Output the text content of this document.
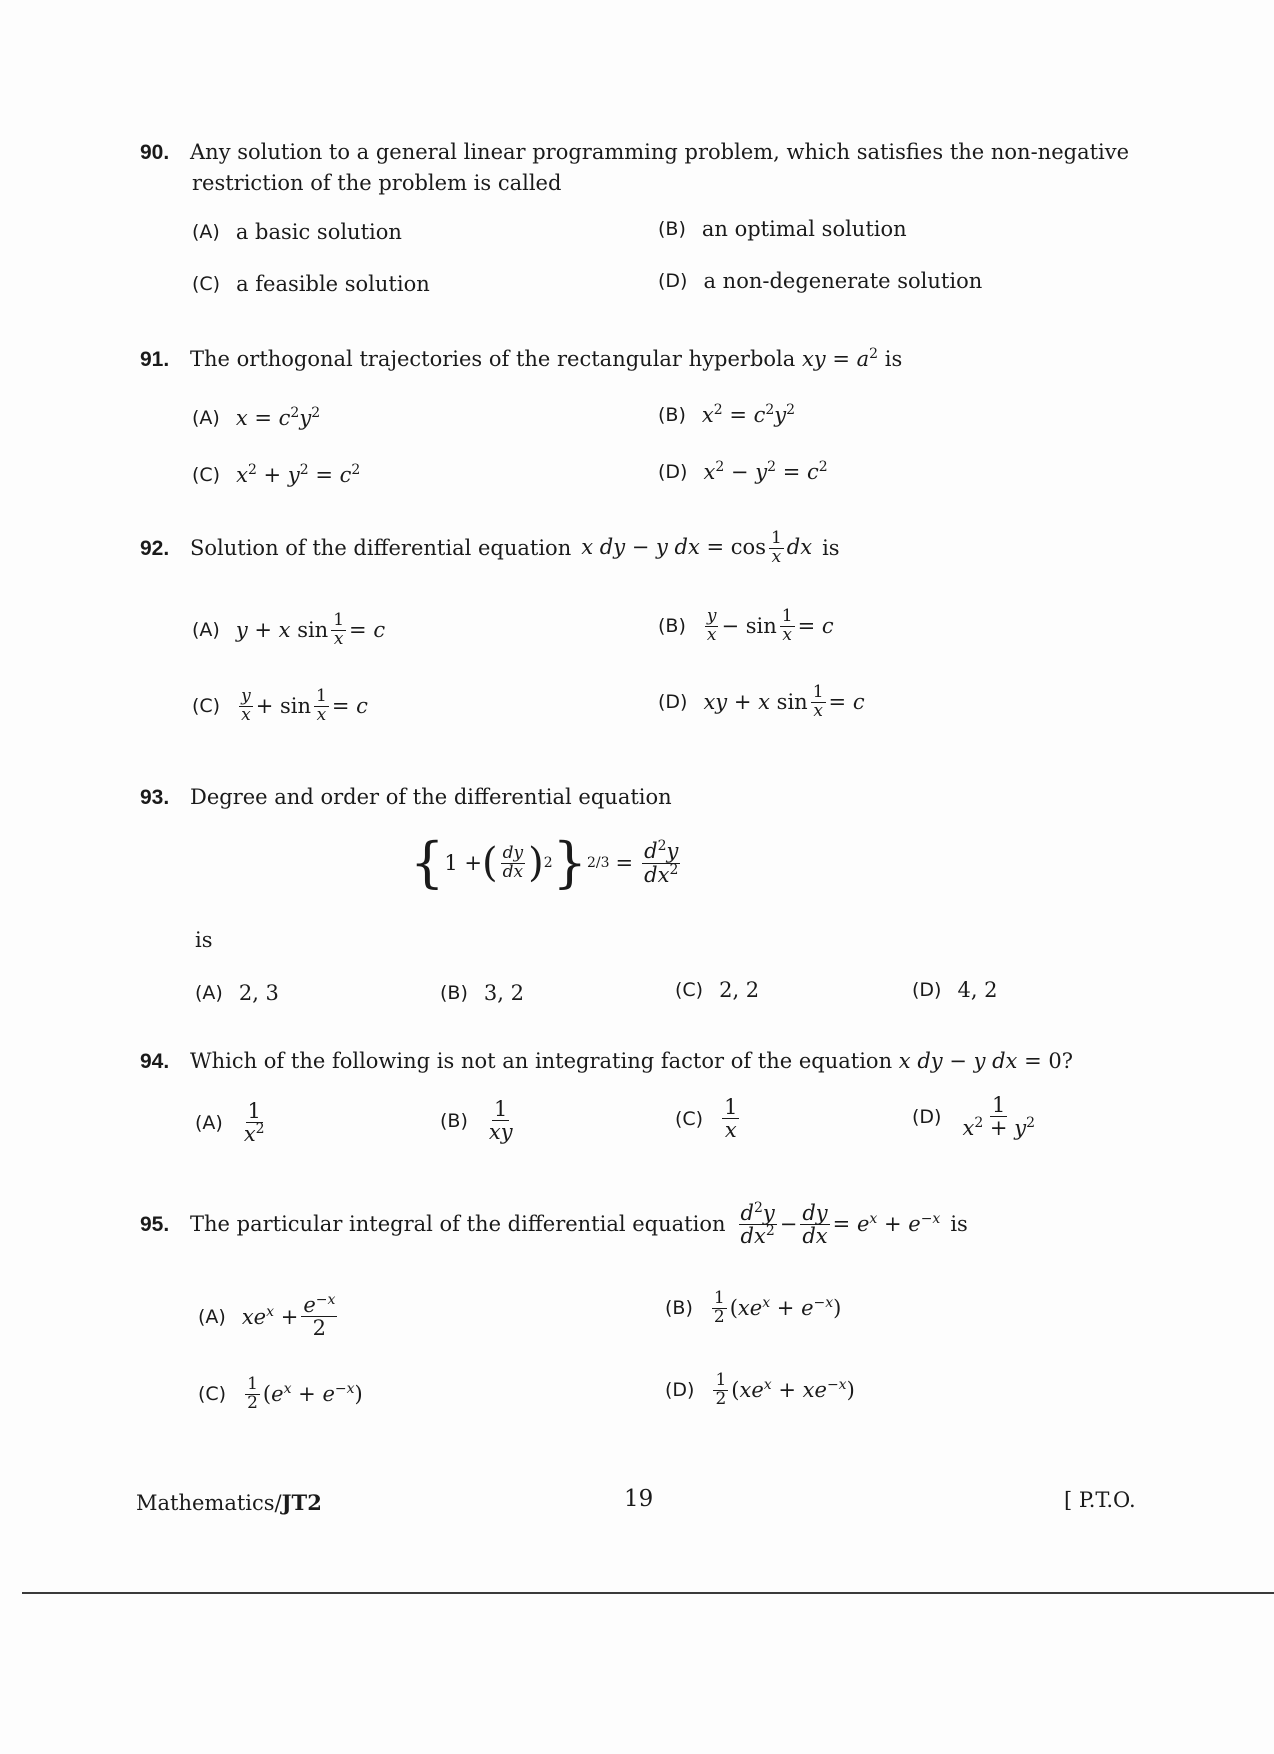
90. Any solution to a general linear programming problem, which satisfies the non-negative
restriction of the problem is called
(A) a basic solution	(B) an optimal solution
(C) a feasible solution	(D) a non-degenerate solution
91. The orthogonal trajectories of the rectangular hyperbola xy = $a^2$ is
(A) $x = c^2y^2$	(B) $x^2 = c^2y^2$
(C) $x^2 + y^2 = c^2$	(D) $x^2 - y^2 = c^2$
92. Solution of the differential equation x dy − y dx = $\cos \frac{1}{x}$ dx is
(A) y + x $\sin \frac{1}{x} = c$	$(B) \frac{y}{x} - \sin \frac{1}{x} = c$
$(C) \frac{y}{x} + \sin \frac{1}{x} = c$	(D) xy + x $\sin \frac{1}{x} = c$
93. Degree and order of the differential equation
{ 1 + ( $\frac{dy}{dx}$ ) 2 } $2/3 = \frac{d^2y}{dx^2}$
is
(A) 2, 3	(B) 3, 2	(C) 2, 2	(D) 4, 2
94. Which of the following is not an integrating factor of the equation x dy − y dx = 0?
$(A) \frac{1}{x^2}$	$(B) \frac{1}{xy}$	$(C) \frac{1}{x}$	$(D) \frac{1}{x^2 + y^2}$
95. The particular integral of the differential equation $\frac{d^2y}{dx^2} - \frac{dy}{dx} = e^x + e^{-x}$ is
(A) $xe^x + \frac{e^{-x}}{2}$	$(B) \frac{1}{2} (xe^x + e^{-x})$
$(C) \frac{1}{2} (e^x + e^{-x})$	$(D) \frac{1}{2} (xe^x + xe^{-x})$
Mathematics/JT2	19	[ P.T.O.
